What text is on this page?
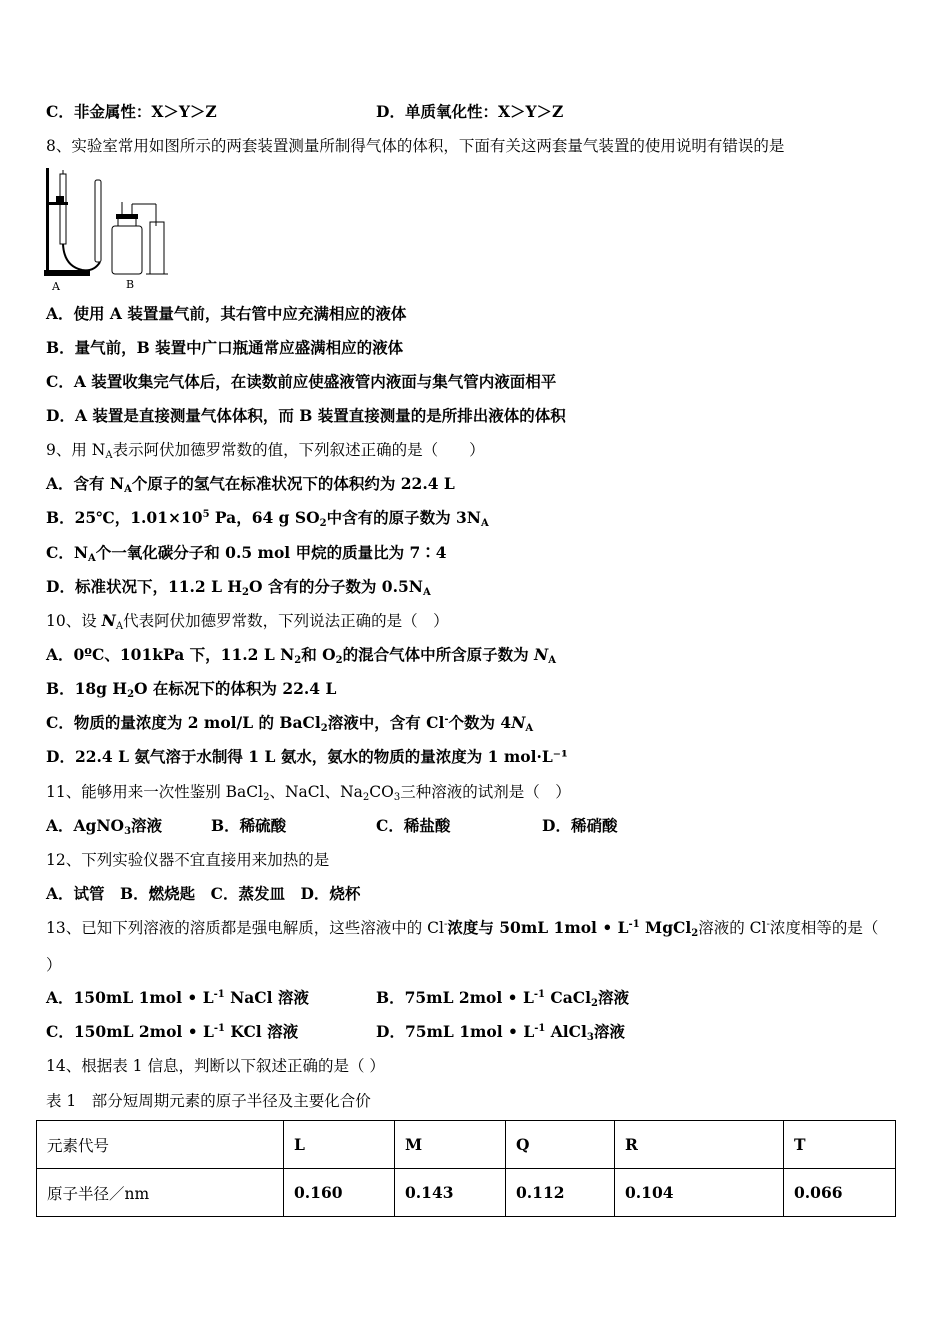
C．非金属性：X＞Y＞Z	D．单质氧化性：X＞Y＞Z
8、实验室常用如图所示的两套装置测量所制得气体的体积，下面有关这两套量气装置的使用说明有错误的是
A	B
A．使用 A 装置量气前，其右管中应充满相应的液体
B．量气前，B 装置中广口瓶通常应盛满相应的液体
C．A 装置收集完气体后，在读数前应使盛液管内液面与集气管内液面相平
D．A 装置是直接测量气体体积，而 B 装置直接测量的是所排出液体的体积
9、用 $N_A$表示阿伏加德罗常数的值，下列叙述正确的是（　　）
A．含有 $N_A$个原子的氢气在标准状况下的体积约为 22.4 L
B．25℃，$1.01\times 10^5$ Pa，64 g $SO_2$中含有的原子数为 $3N_A$
C．$N_A$个一氧化碳分子和 0.5 mol 甲烷的质量比为 7∶4
D．标准状况下，11.2 L $H_2O$ 含有的分子数为 $0.5N_A$
10、设 $N_A$代表阿伏加德罗常数，下列说法正确的是（　）
A．0ºC、101kPa 下，11.2 L $N_2$和 $O_2$的混合气体中所含原子数为 $N_A$
B．18g $H_2O$ 在标况下的体积为 22.4 L
C．物质的量浓度为 2 mol/L 的 BaCl$_2$溶液中，含有 Cl-个数为 $4N_A$
D．22.4 L 氨气溶于水制得 1 L 氨水，氨水的物质的量浓度为 1 mol·L⁻¹
11、能够用来一次性鉴别 BaCl$_2$、NaCl、$Na_2CO_3$三种溶液的试剂是（　）
A．AgNO$_3$溶液	B．稀硫酸	C．稀盐酸	D．稀硝酸
12、下列实验仪器不宜直接用来加热的是
A．试管　B．燃烧匙　C．蒸发皿　D．烧杯
13、已知下列溶液的溶质都是强电解质，这些溶液中的 Cl-浓度与 50mL 1mol • $L^{-1}$ MgCl$_2$溶液的 Cl-浓度相等的是（
）
A．150mL 1mol • $L^{-1}$ NaCl 溶液	B．75mL 2mol • $L^{-1}$ CaCl$_2$溶液
C．150mL 2mol • $L^{-1}$ KCl 溶液	D．75mL 1mol • $L^{-1}$ AlCl$_3$溶液
14、根据表 1 信息，判断以下叙述正确的是（ ）
表 1　部分短周期元素的原子半径及主要化合价
元素代号	L	M	Q	R	T
原子半径／nm	0.160	0.143	0.112	0.104	0.066
